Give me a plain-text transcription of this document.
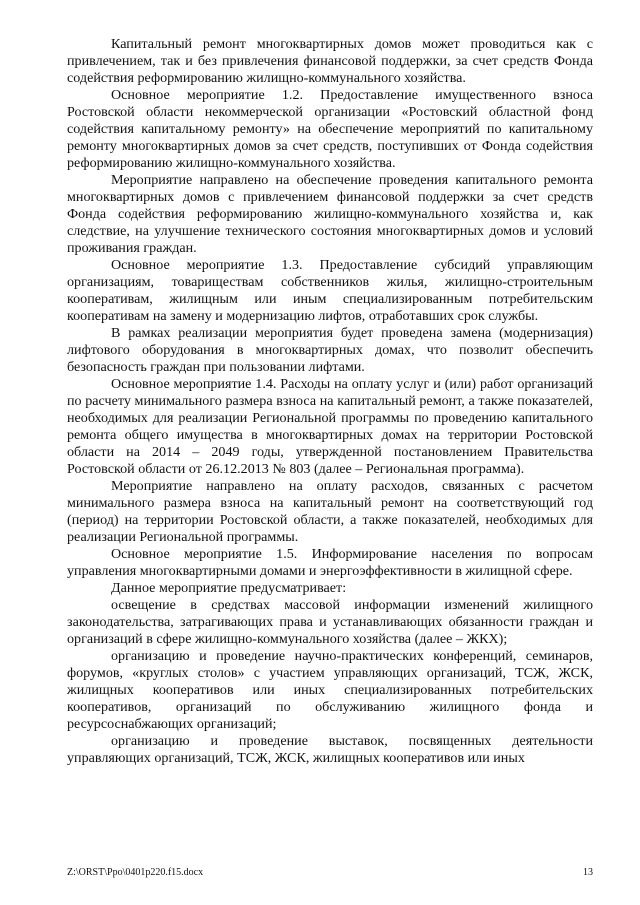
Капитальный ремонт многоквартирных домов может проводиться как с привлечением, так и без привлечения финансовой поддержки, за счет средств Фонда содействия реформированию жилищно-коммунального хозяйства.

Основное мероприятие 1.2. Предоставление имущественного взноса Ростовской области некоммерческой организации «Ростовский областной фонд содействия капитальному ремонту» на обеспечение мероприятий по капитальному ремонту многоквартирных домов за счет средств, поступивших от Фонда содействия реформированию жилищно-коммунального хозяйства.

Мероприятие направлено на обеспечение проведения капитального ремонта многоквартирных домов с привлечением финансовой поддержки за счет средств Фонда содействия реформированию жилищно-коммунального хозяйства и, как следствие, на улучшение технического состояния многоквартирных домов и условий проживания граждан.

Основное мероприятие 1.3. Предоставление субсидий управляющим организациям, товариществам собственников жилья, жилищно-строительным кооперативам, жилищным или иным специализированным потребительским кооперативам на замену и модернизацию лифтов, отработавших срок службы.

В рамках реализации мероприятия будет проведена замена (модернизация) лифтового оборудования в многоквартирных домах, что позволит обеспечить безопасность граждан при пользовании лифтами.

Основное мероприятие 1.4. Расходы на оплату услуг и (или) работ организаций по расчету минимального размера взноса на капитальный ремонт, а также показателей, необходимых для реализации Региональной программы по проведению капитального ремонта общего имущества в многоквартирных домах на территории Ростовской области на 2014 – 2049 годы, утвержденной постановлением Правительства Ростовской области от 26.12.2013 № 803 (далее – Региональная программа).

Мероприятие направлено на оплату расходов, связанных с расчетом минимального размера взноса на капитальный ремонт на соответствующий год (период) на территории Ростовской области, а также показателей, необходимых для реализации Региональной программы.

Основное мероприятие 1.5. Информирование населения по вопросам управления многоквартирными домами и энергоэффективности в жилищной сфере.

Данное мероприятие предусматривает:

освещение в средствах массовой информации изменений жилищного законодательства, затрагивающих права и устанавливающих обязанности граждан и организаций в сфере жилищно-коммунального хозяйства (далее – ЖКХ);

организацию и проведение научно-практических конференций, семинаров, форумов, «круглых столов» с участием управляющих организаций, ТСЖ, ЖСК, жилищных кооперативов или иных специализированных потребительских кооперативов, организаций по обслуживанию жилищного фонда и ресурсоснабжающих организаций;

организацию и проведение выставок, посвященных деятельности управляющих организаций, ТСЖ, ЖСК, жилищных кооперативов или иных

Z:\ORST\Ppo\0401p220.f15.docx	13
